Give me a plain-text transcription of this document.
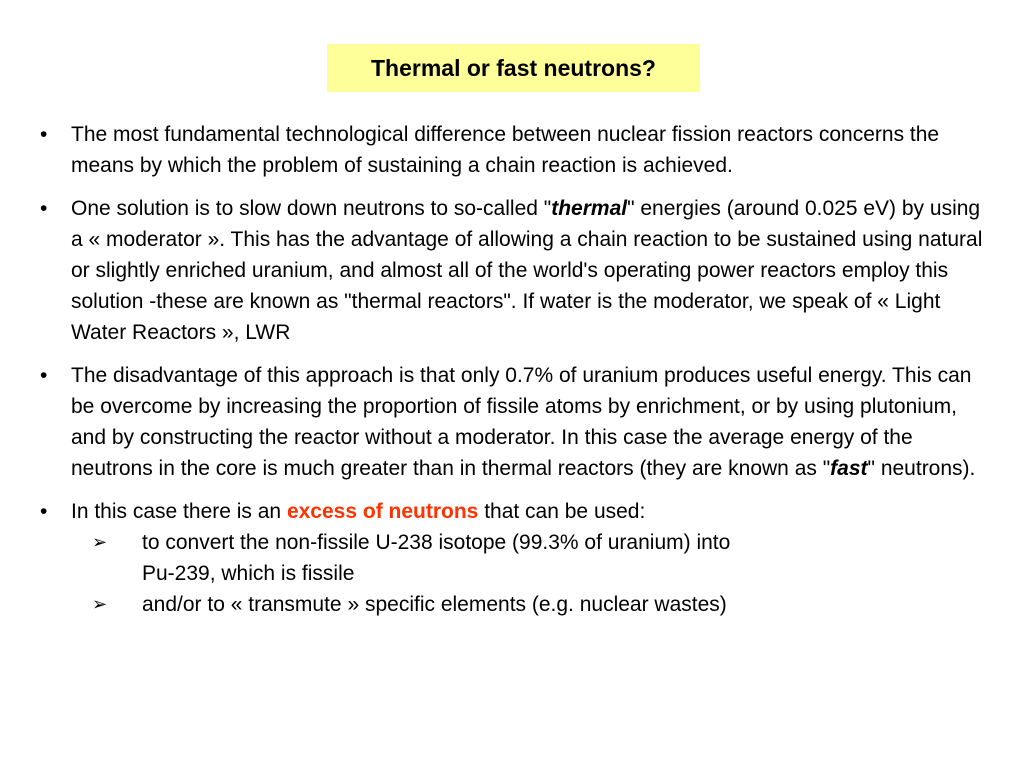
Thermal or fast neutrons?
• The most fundamental technological difference between nuclear fission reactors concerns the means by which the problem of sustaining a chain reaction is achieved.
• One solution is to slow down neutrons to so-called "thermal" energies (around 0.025 eV) by using a « moderator ». This has the advantage of allowing a chain reaction to be sustained using natural or slightly enriched uranium, and almost all of the world's operating power reactors employ this solution -these are known as "thermal reactors". If water is the moderator, we speak of « Light Water Reactors », LWR
• The disadvantage of this approach is that only 0.7% of uranium produces useful energy. This can be overcome by increasing the proportion of fissile atoms by enrichment, or by using plutonium, and by constructing the reactor without a moderator. In this case the average energy of the neutrons in the core is much greater than in thermal reactors (they are known as "fast" neutrons).
• In this case there is an excess of neutrons that can be used:
➢ to convert the non-fissile U-238 isotope (99.3% of uranium) into
Pu-239, which is fissile
➢ and/or to « transmute » specific elements (e.g. nuclear wastes)
